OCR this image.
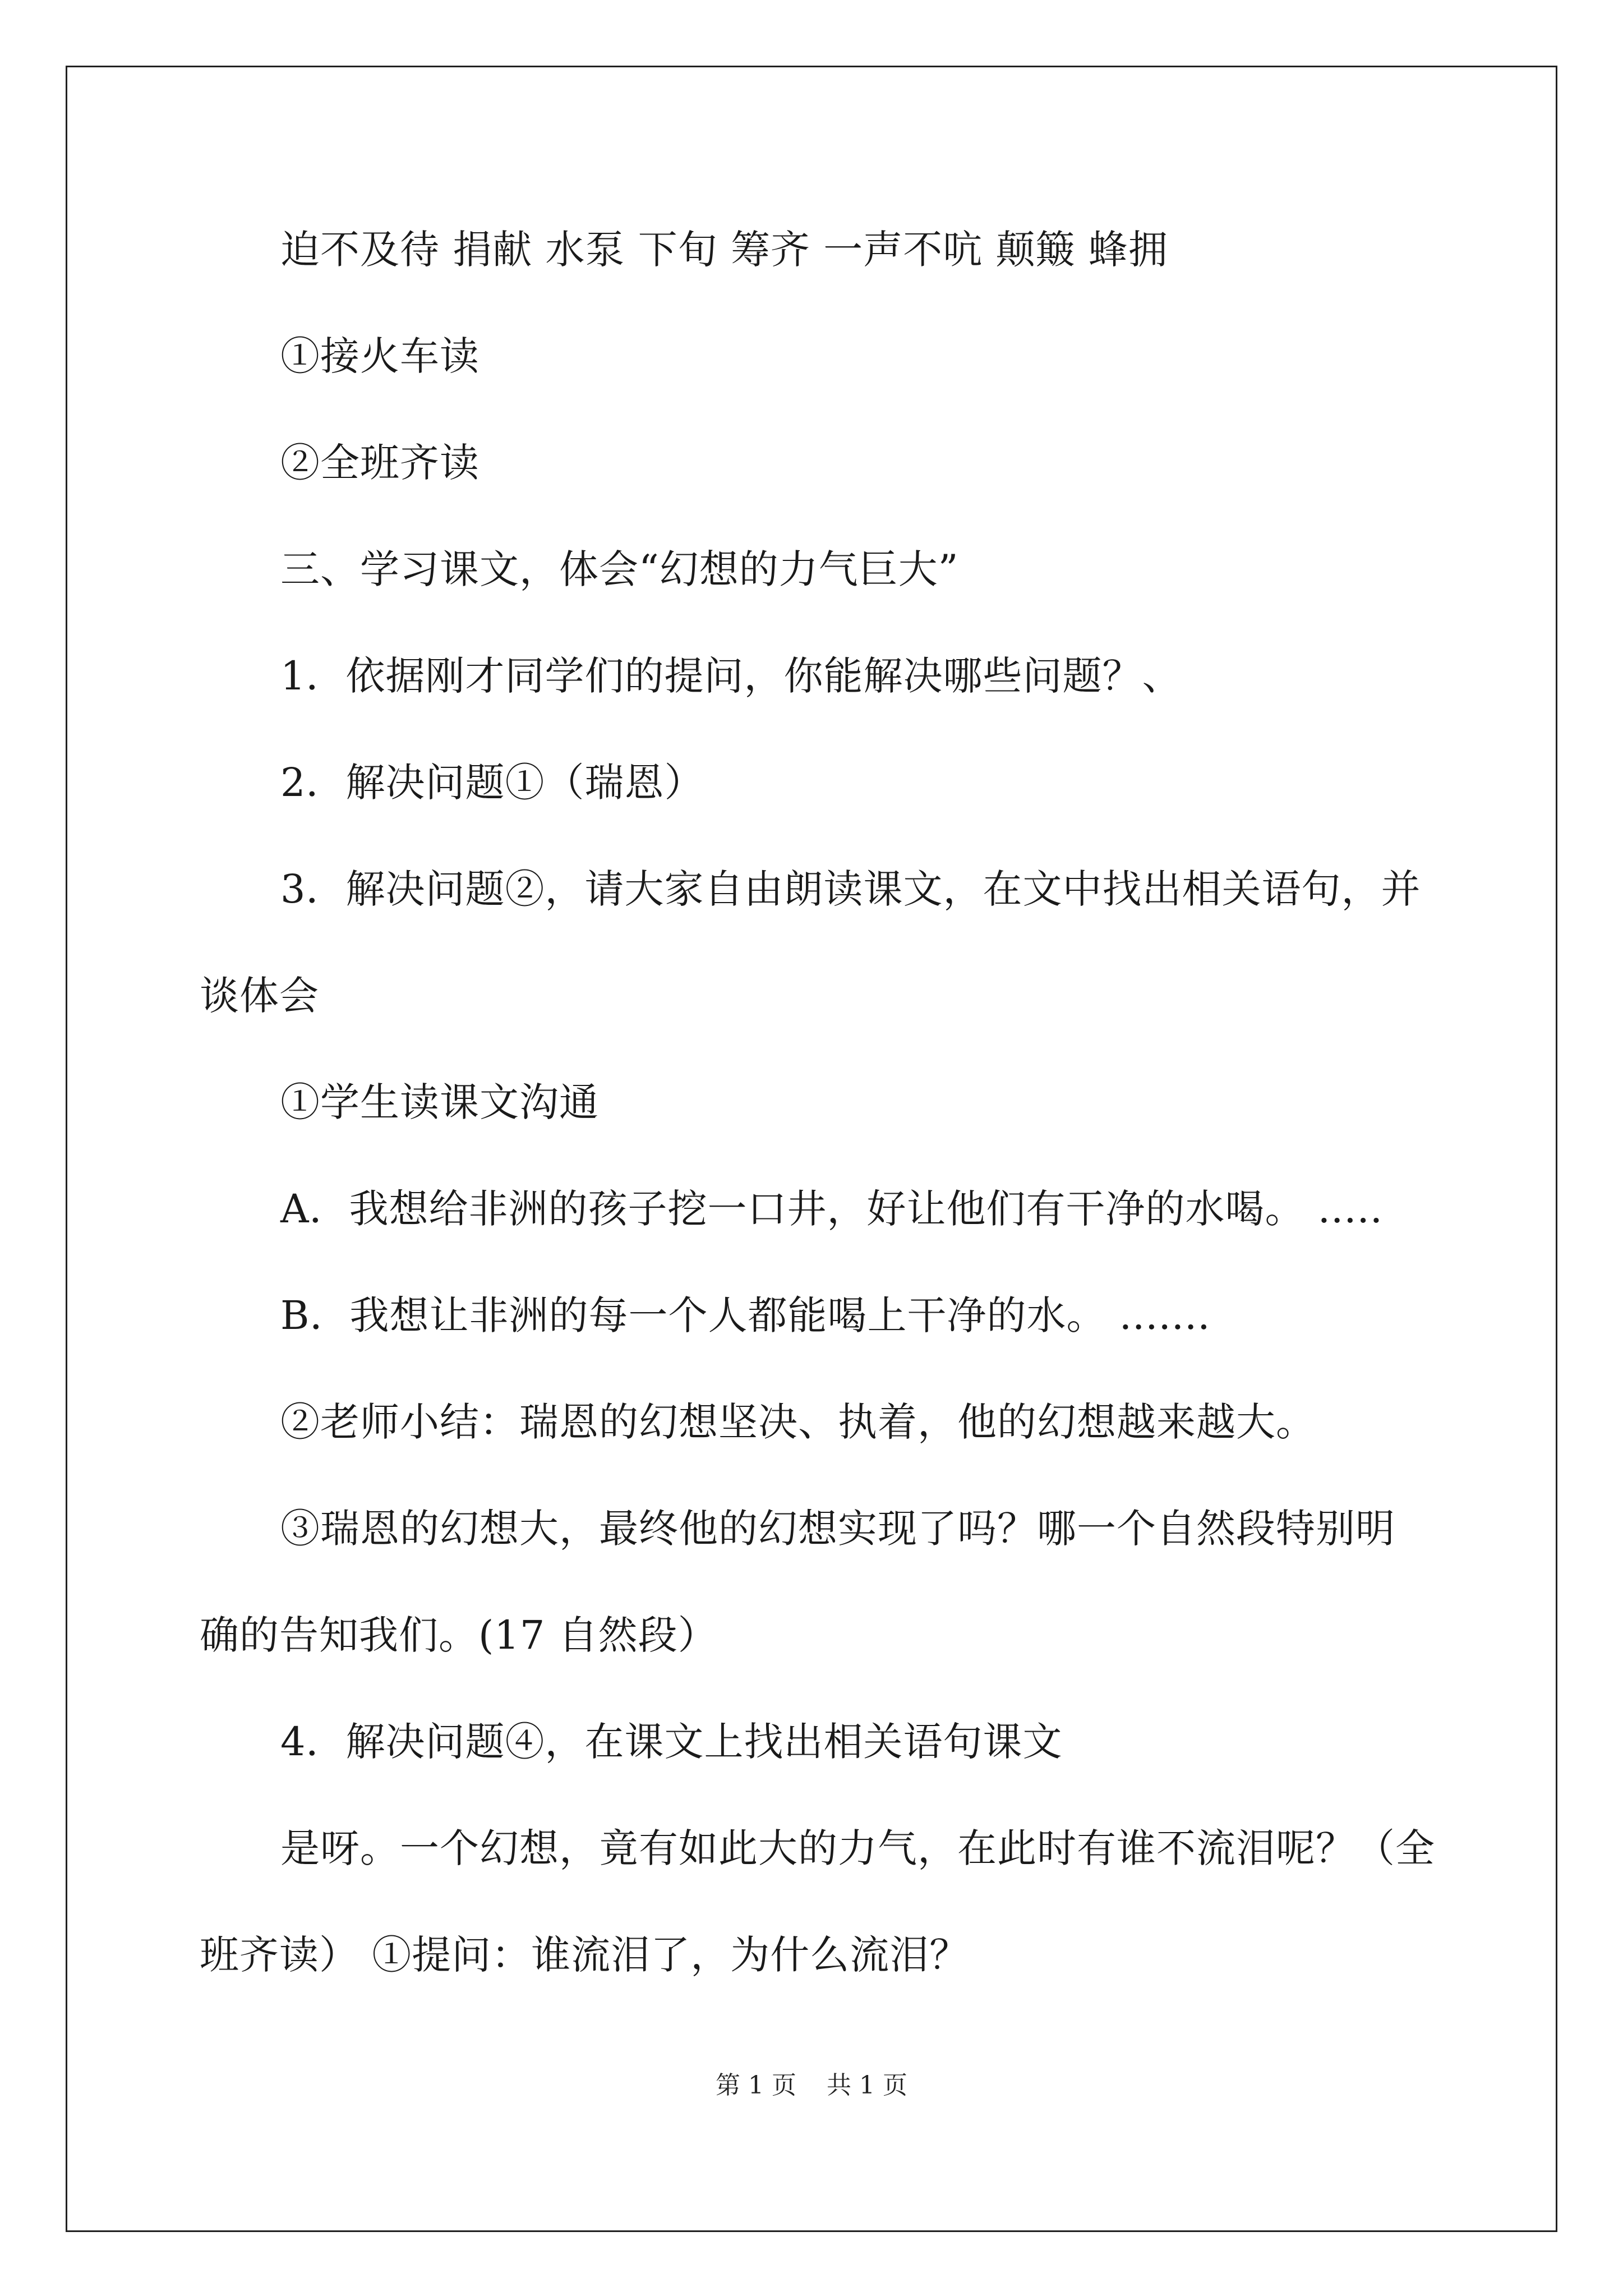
迫不及待 捐献 水泵 下旬 筹齐 一声不吭 颠簸 蜂拥
①接火车读
②全班齐读
三、学习课文，体会“幻想的力气巨大”
1．依据刚才同学们的提问，你能解决哪些问题？、
2．解决问题①（瑞恩）
3．解决问题②，请大家自由朗读课文，在文中找出相关语句，并
谈体会
①学生读课文沟通
A．我想给非洲的孩子挖一口井，好让他们有干净的水喝。 .....
B．我想让非洲的每一个人都能喝上干净的水。 .......
②老师小结：瑞恩的幻想坚决、执着，他的幻想越来越大。
③瑞恩的幻想大，最终他的幻想实现了吗？哪一个自然段特别明
确的告知我们。(17 自然段）
4．解决问题④，在课文上找出相关语句课文
是呀。一个幻想，竟有如此大的力气，在此时有谁不流泪呢？（全
班齐读） ①提问：谁流泪了，为什么流泪？
第 1 页 共 1 页
